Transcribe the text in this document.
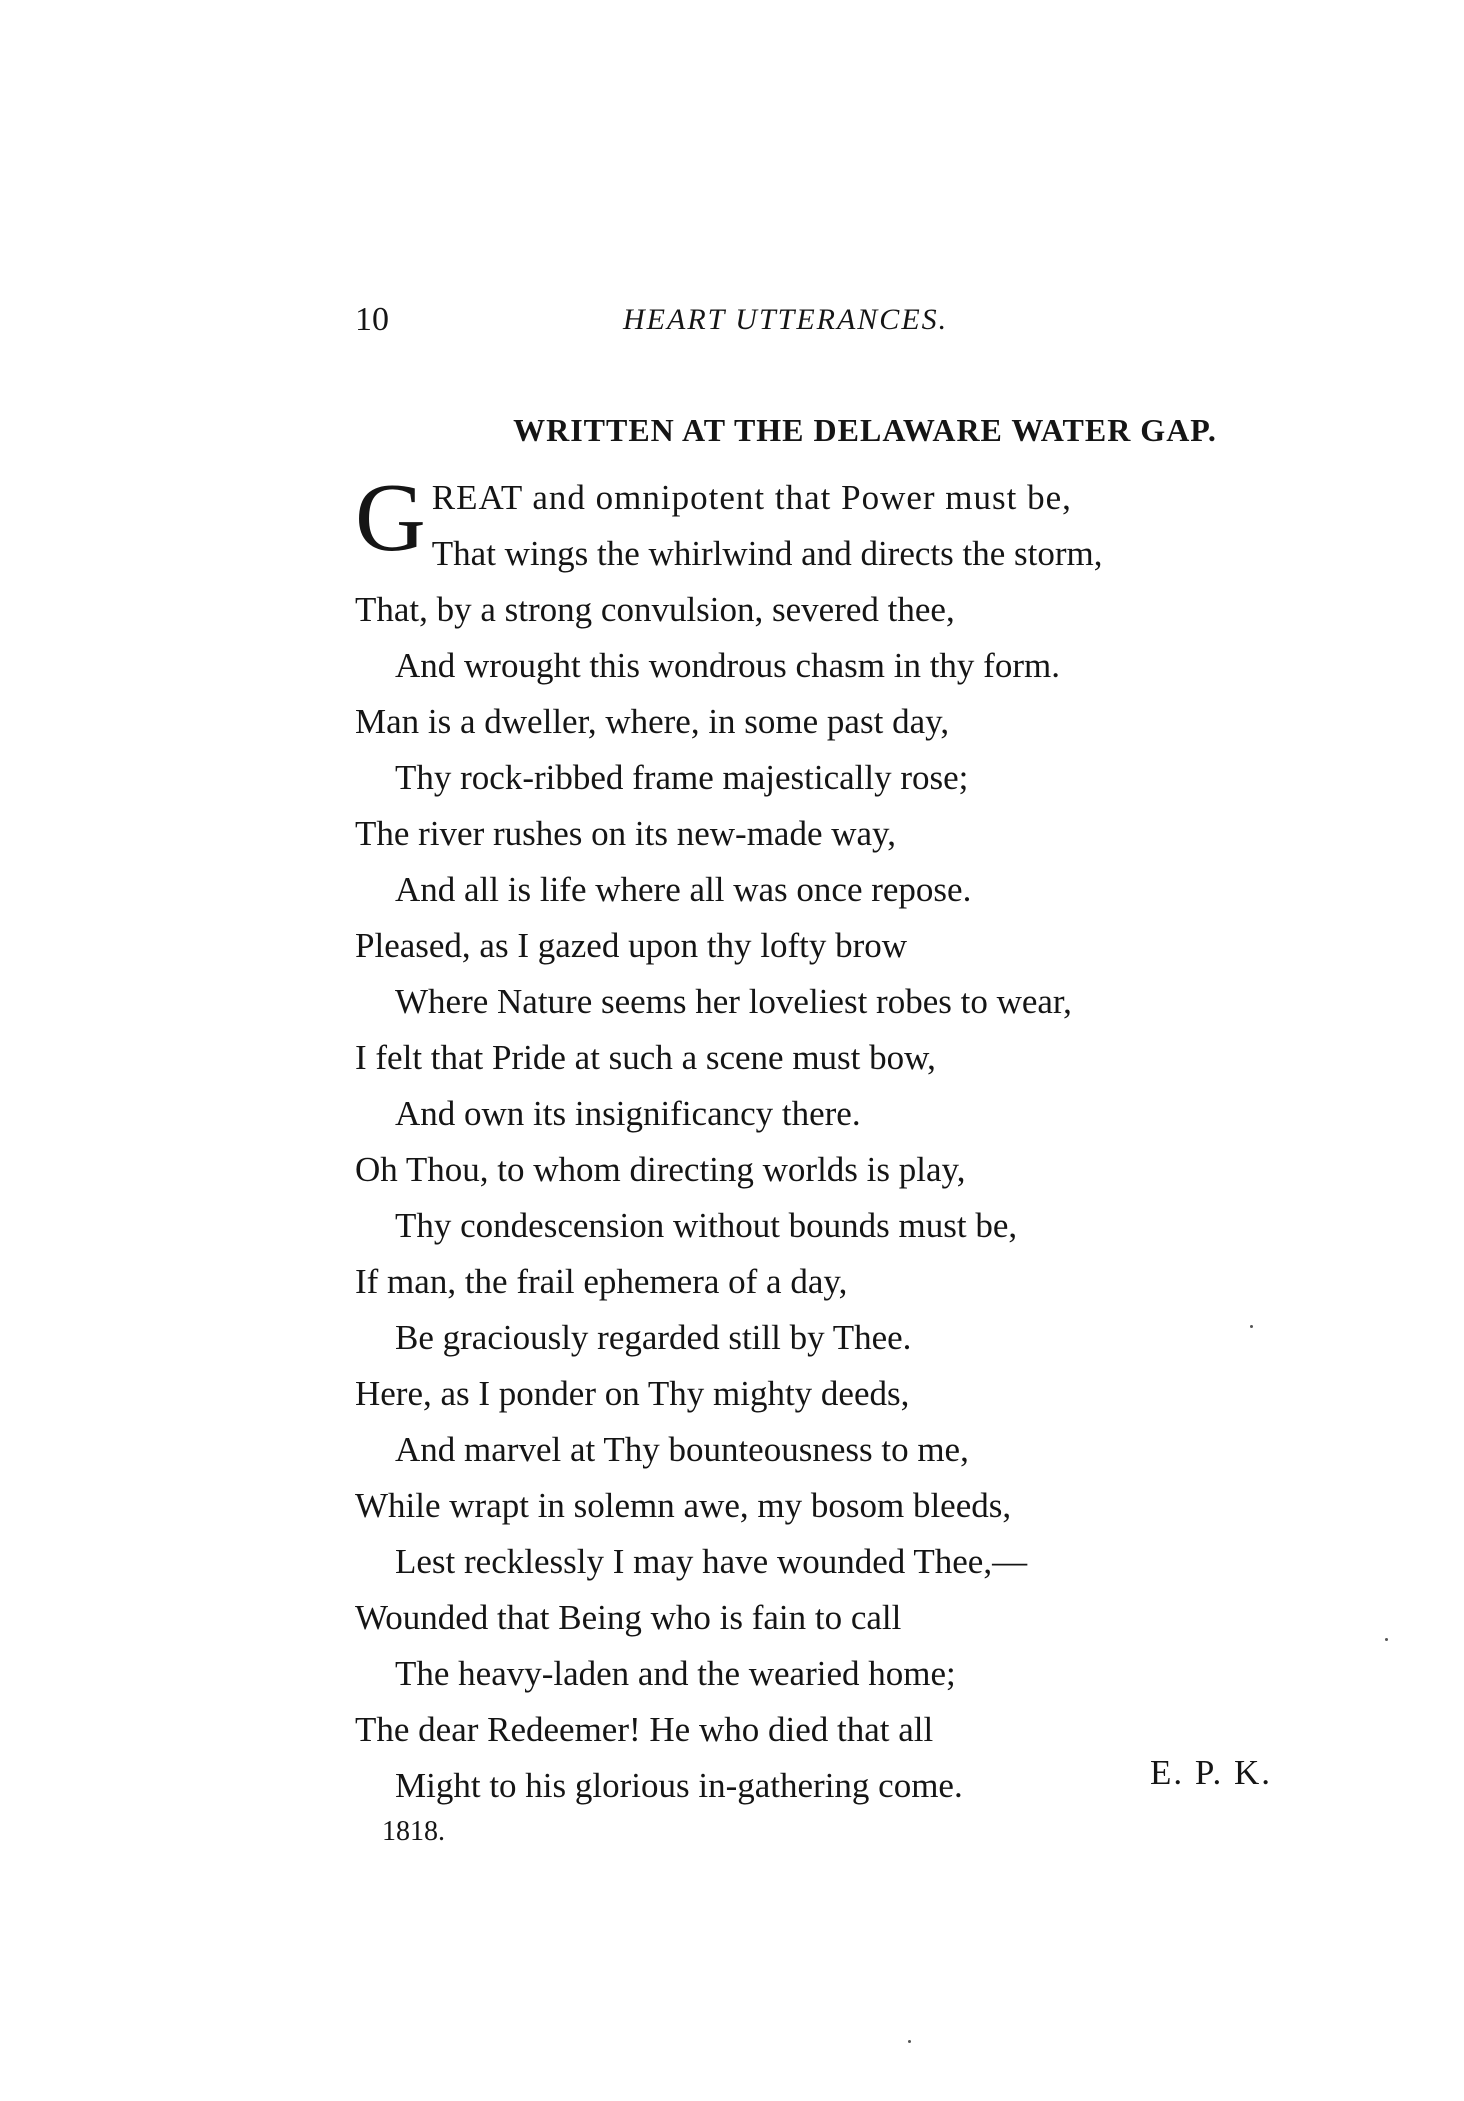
10	HEART UTTERANCES.
WRITTEN AT THE DELAWARE WATER GAP.
G REAT and omnipotent that Power must be,
That wings the whirlwind and directs the storm,
That, by a strong convulsion, severed thee,
And wrought this wondrous chasm in thy form.
Man is a dweller, where, in some past day,
Thy rock-ribbed frame majestically rose;
The river rushes on its new-made way,
And all is life where all was once repose.
Pleased, as I gazed upon thy lofty brow
Where Nature seems her loveliest robes to wear,
I felt that Pride at such a scene must bow,
And own its insignificancy there.
Oh Thou, to whom directing worlds is play,
Thy condescension without bounds must be,
If man, the frail ephemera of a day,
Be graciously regarded still by Thee.
Here, as I ponder on Thy mighty deeds,
And marvel at Thy bounteousness to me,
While wrapt in solemn awe, my bosom bleeds,
Lest recklessly I may have wounded Thee,—
Wounded that Being who is fain to call
The heavy-laden and the wearied home;
The dear Redeemer! He who died that all
Might to his glorious in-gathering come.	E. P. K.
1818.
